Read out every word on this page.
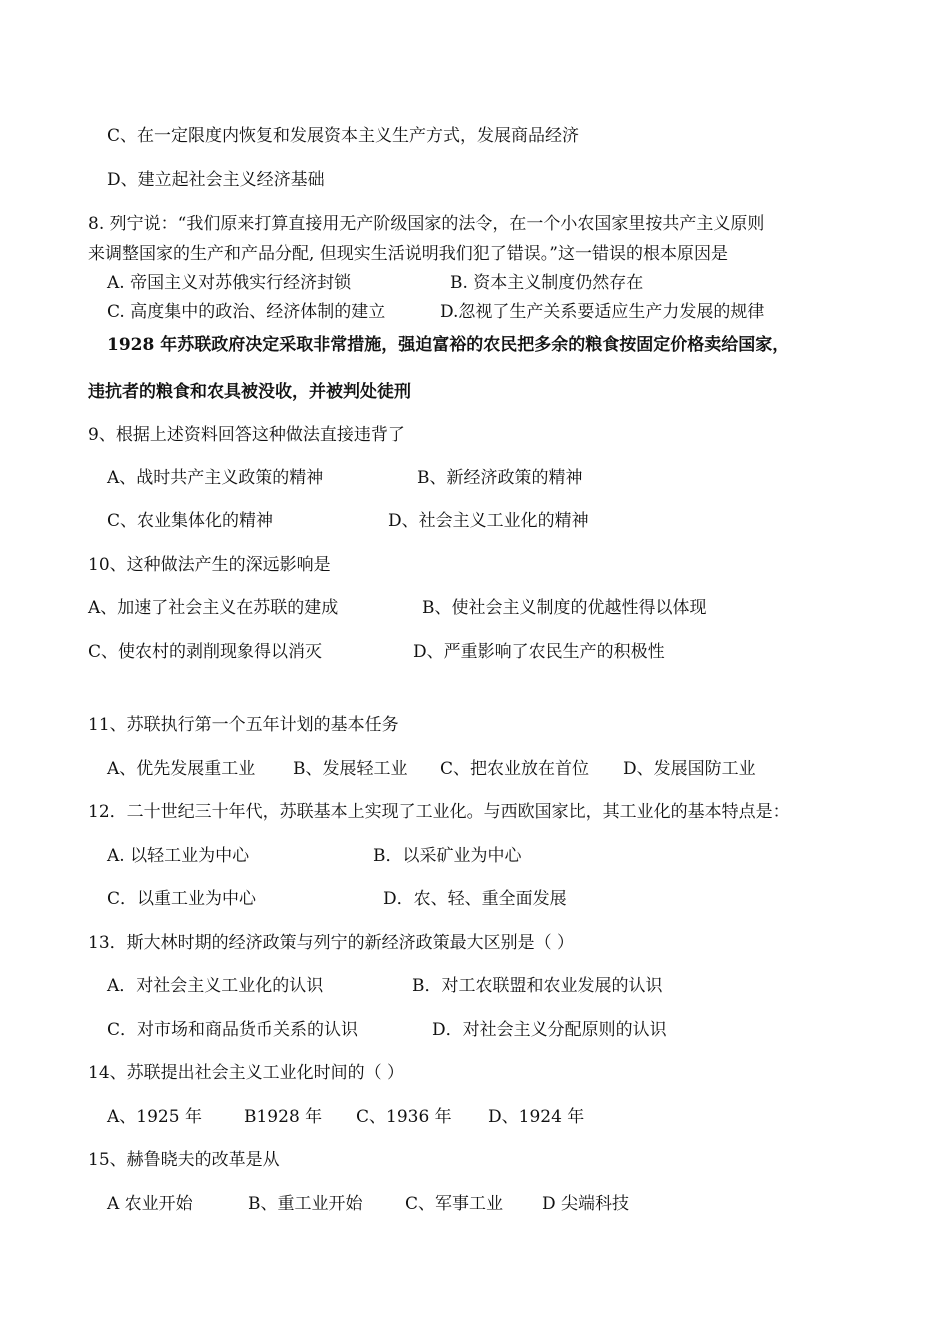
C、在一定限度内恢复和发展资本主义生产方式，发展商品经济
D、建立起社会主义经济基础
8. 列宁说：“我们原来打算直接用无产阶级国家的法令，在一个小农国家里按共产主义原则
来调整国家的生产和产品分配, 但现实生活说明我们犯了错误。”这一错误的根本原因是
A. 帝国主义对苏俄实行经济封锁	B. 资本主义制度仍然存在
C. 高度集中的政治、经济体制的建立	D.忽视了生产关系要适应生产力发展的规律
1928 年苏联政府决定采取非常措施，强迫富裕的农民把多余的粮食按固定价格卖给国家，
违抗者的粮食和农具被没收，并被判处徒刑
9、根据上述资料回答这种做法直接违背了
A、战时共产主义政策的精神	B、新经济政策的精神
C、农业集体化的精神	D、社会主义工业化的精神
10、这种做法产生的深远影响是
A、加速了社会主义在苏联的建成	B、使社会主义制度的优越性得以体现
C、使农村的剥削现象得以消灭	D、严重影响了农民生产的积极性
11、苏联执行第一个五年计划的基本任务
A、优先发展重工业 B、发展轻工业 C、把农业放在首位 D、发展国防工业
12．二十世纪三十年代，苏联基本上实现了工业化。与西欧国家比，其工业化的基本特点是：
A. 以轻工业为中心	B．以采矿业为中心
C．以重工业为中心	D．农、轻、重全面发展
13．斯大林时期的经济政策与列宁的新经济政策最大区别是（ ）
A．对社会主义工业化的认识	B．对工农联盟和农业发展的认识
C．对市场和商品货币关系的认识	D．对社会主义分配原则的认识
14、苏联提出社会主义工业化时间的（ ）
A、1925 年 B1928 年 C、1936 年 D、1924 年
15、赫鲁晓夫的改革是从
A 农业开始	B、重工业开始	C、军事工业 D 尖端科技
